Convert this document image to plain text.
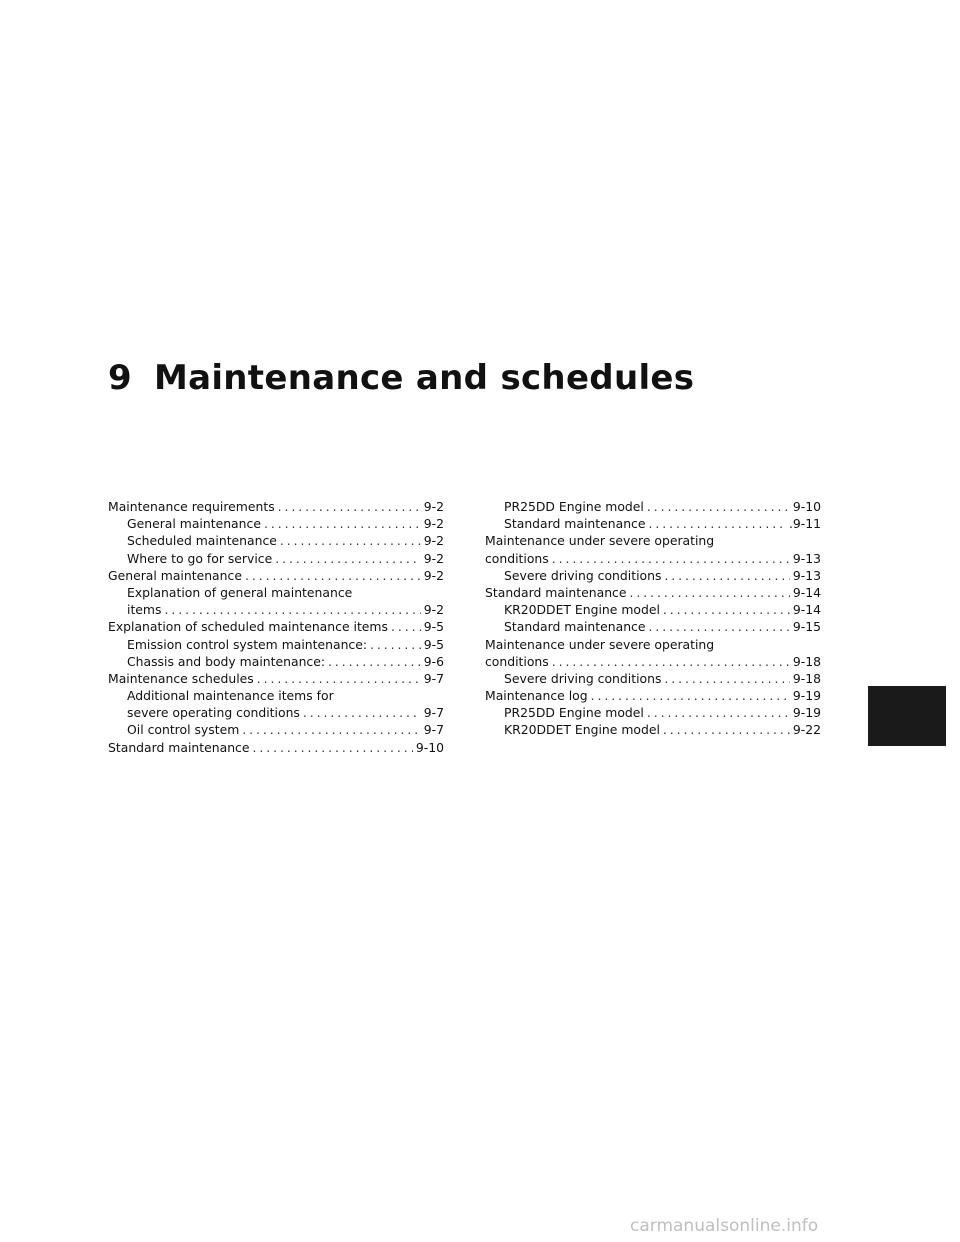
9 Maintenance and schedules
Maintenance requirements . . .	9-2
General maintenance . . .	9-2
Scheduled maintenance . . .	9-2
Where to go for service . . .	9-2
General maintenance . . .	9-2
Explanation of general maintenance
items . . .	9-2
Explanation of scheduled maintenance items . . .	9-5
Emission control system maintenance: . . .	9-5
Chassis and body maintenance: . . .	9-6
Maintenance schedules . . .	9-7
Additional maintenance items for
severe operating conditions . . .	9-7
Oil control system . . .	9-7
Standard maintenance . . .	9-10
PR25DD Engine model . . .	9-10
Standard maintenance . . .	.9-11
Maintenance under severe operating
conditions . . .	9-13
Severe driving conditions . . .	9-13
Standard maintenance . . .	9-14
KR20DDET Engine model . . .	9-14
Standard maintenance . . .	9-15
Maintenance under severe operating
conditions . . .	9-18
Severe driving conditions . . .	9-18
Maintenance log . . .	9-19
PR25DD Engine model . . .	9-19
KR20DDET Engine model . . .	9-22
carmanualsonline.info
